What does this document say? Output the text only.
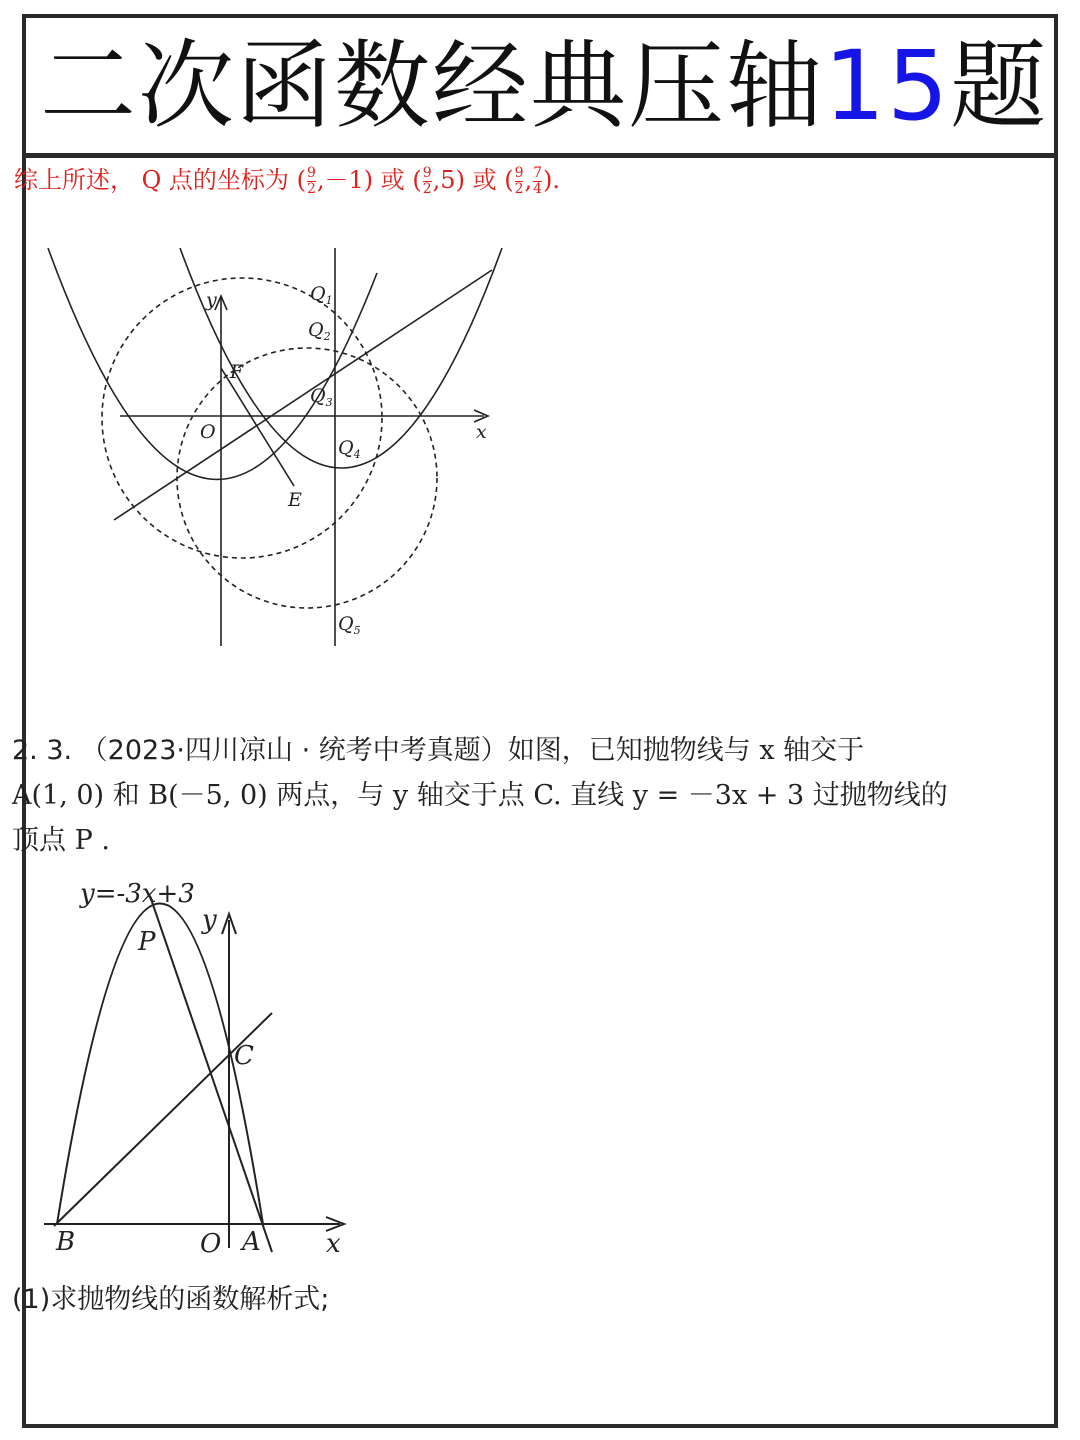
二次函数经典压轴15题
综上所述， Q 点的坐标为 ( $\frac{9}{2} ,-1$) 或 ( $\frac{9}{2} ,5$) 或 ( $\frac{9}{2}$ , $\frac{7}{4}$ ).
y
x
O
F
E
$Q_1$
$Q_2$
$Q_3$
$Q_4$
$Q_5$
2. 3. （2023·四川凉山 · 统考中考真题）如图，已知抛物线与 x 轴交于
A(1, 0) 和 B(－5, 0) 两点，与 y 轴交于点 C. 直线 y = －3x + 3 过抛物线的
顶点 P .
y=-3x+3
y
P
C
B	O A	x
(1)求抛物线的函数解析式;
